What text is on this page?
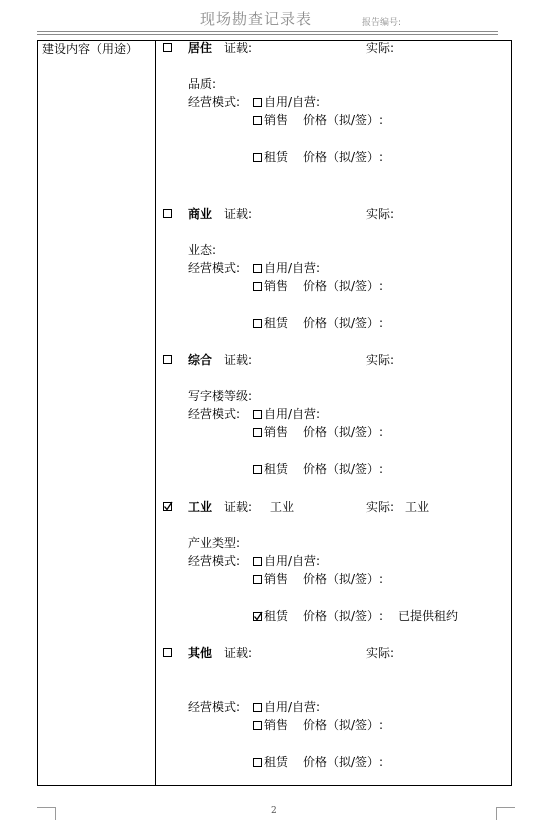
现场勘查记录表	报告编号:
建设内容（用途）	居住 证载:	实际:
品质:
经营模式: 自用/自营:
销售 价格（拟/签）:
租赁 价格（拟/签）:
商业 证载:	实际:
业态:
经营模式: 自用/自营:
销售 价格（拟/签）:
租赁 价格（拟/签）:
综合 证载:	实际:
写字楼等级:
经营模式: 自用/自营:
销售 价格（拟/签）:
租赁 价格（拟/签）:
工业 证载: 工业	实际: 工业
产业类型:
经营模式: 自用/自营:
销售 价格（拟/签）:
租赁 价格（拟/签）: 已提供租约
其他 证载:	实际:
经营模式: 自用/自营:
销售 价格（拟/签）:
租赁 价格（拟/签）:
2
